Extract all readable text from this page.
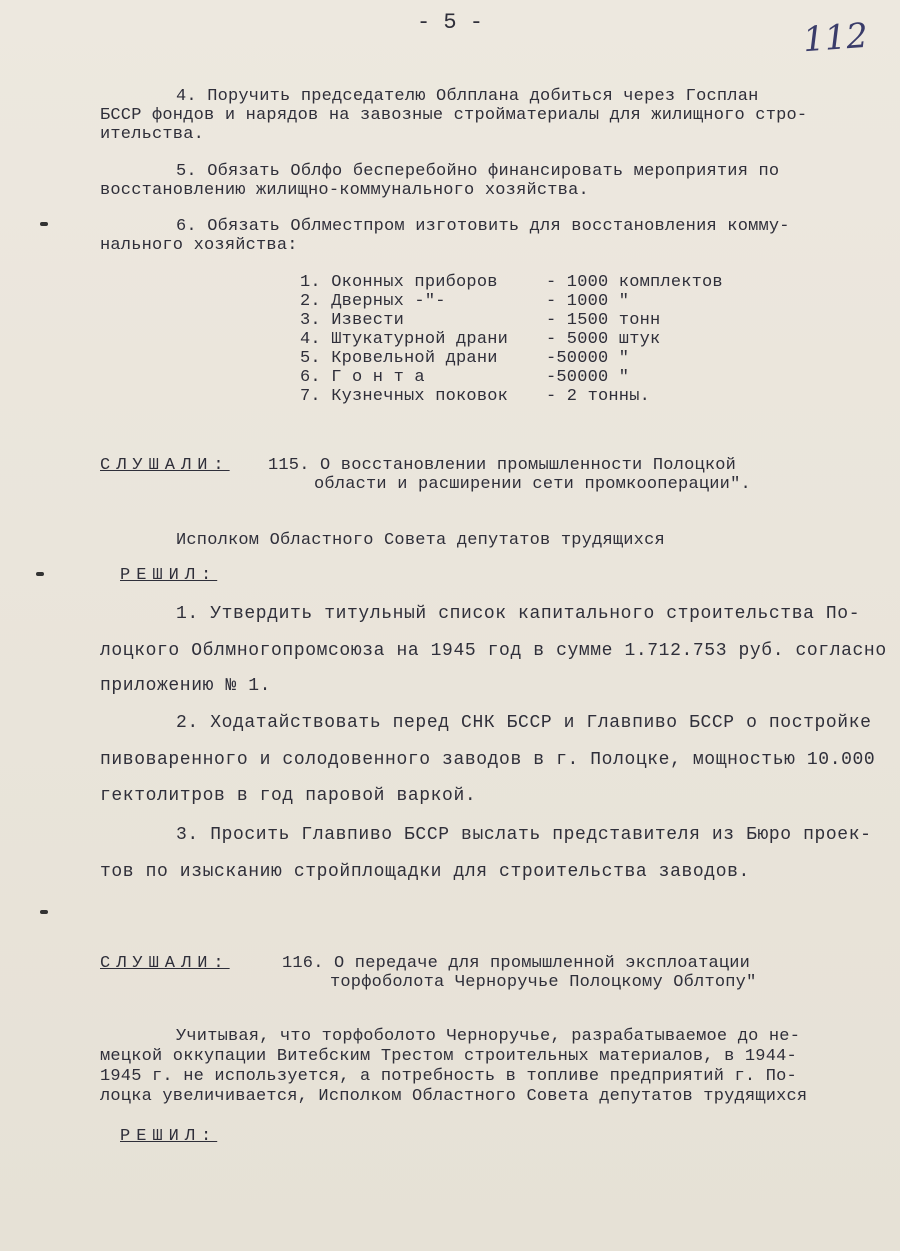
- 5 -	112
4. Поручить председателю Облплана добиться через Госплан
БССР фондов и нарядов на завозные стройматериалы для жилищного стро-
ительства.
5. Обязать Облфо бесперебойно финансировать мероприятия по
восстановлению жилищно-коммунального хозяйства.
6. Обязать Облместпром изготовить для восстановления комму-
нального хозяйства:
1. Оконных приборов	- 1000 комплектов
2. Дверных -"-	- 1000 "
3. Извести	- 1500 тонн
4. Штукатурной драни - 5000 штук
5. Кровельной драни	-50000 "
6. Г о н т а	-50000 "
7. Кузнечных поковок - 2 тонны.
СЛУШАЛИ: 115. О восстановлении промышленности Полоцкой
области и расширении сети промкооперации".
Исполком Областного Совета депутатов трудящихся
РЕШИЛ:
1. Утвердить титульный список капитального строительства По-
лоцкого Облмногопромсоюза на 1945 год в сумме 1.712.753 руб. согласно
приложению № 1.
2. Ходатайствовать перед СНК БССР и Главпиво БССР о постройке
пивоваренного и солодовенного заводов в г. Полоцке, мощностью 10.000
гектолитров в год паровой варкой.
3. Просить Главпиво БССР выслать представителя из Бюро проек-
тов по изысканию стройплощадки для строительства заводов.
СЛУШАЛИ:	116. О передаче для промышленной эксплоатации
торфоболота Черноручье Полоцкому Облтопу"
Учитывая, что торфоболото Черноручье, разрабатываемое до не-
мецкой оккупации Витебским Трестом строительных материалов, в 1944-
1945 г. не используется, а потребность в топливе предприятий г. По-
лоцка увеличивается, Исполком Областного Совета депутатов трудящихся
РЕШИЛ:
